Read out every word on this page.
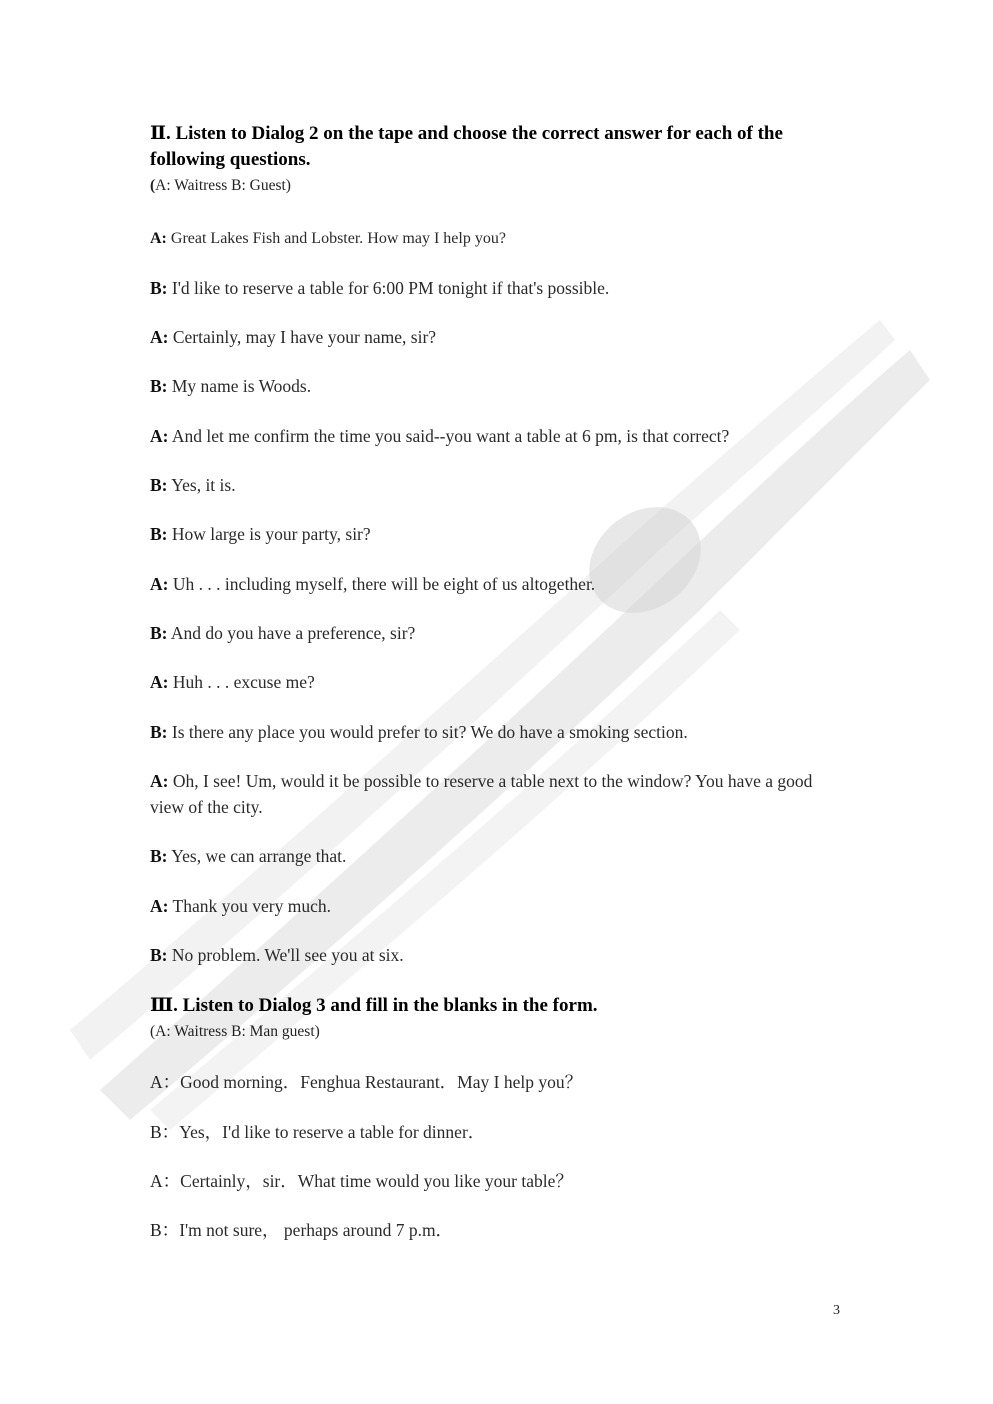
Ⅱ. Listen to Dialog 2 on the tape and choose the correct answer for each of the following questions.
(A: Waitress B: Guest)
A: Great Lakes Fish and Lobster. How may I help you?
B: I'd like to reserve a table for 6:00 PM tonight if that's possible.
A: Certainly, may I have your name, sir?
B: My name is Woods.
A: And let me confirm the time you said--you want a table at 6 pm, is that correct?
B: Yes, it is.
B: How large is your party, sir?
A: Uh . . . including myself, there will be eight of us altogether.
B: And do you have a preference, sir?
A: Huh . . . excuse me?
B: Is there any place you would prefer to sit? We do have a smoking section.
A: Oh, I see! Um, would it be possible to reserve a table next to the window? You have a good view of the city.
B: Yes, we can arrange that.
A: Thank you very much.
B: No problem. We'll see you at six.
Ⅲ. Listen to Dialog 3 and fill in the blanks in the form.
(A: Waitress B: Man guest)
A：Good morning．Fenghua Restaurant．May I help you？
B：Yes，I'd like to reserve a table for dinner．
A：Certainly，sir．What time would you like your table？
B：I'm not sure， perhaps around 7 p.m．
3
